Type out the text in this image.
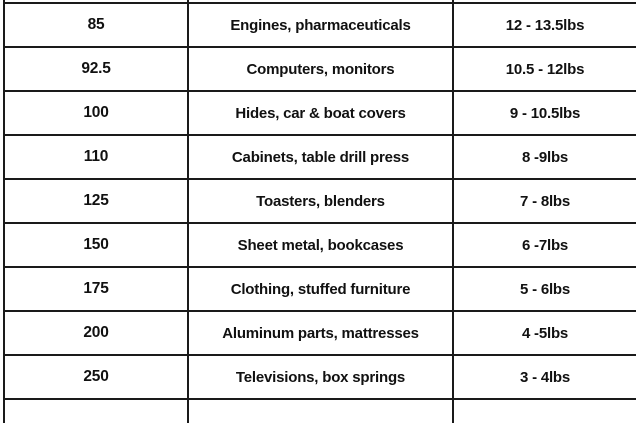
85	Engines, pharmaceuticals	12 - 13.5lbs
92.5	Computers, monitors	10.5 - 12lbs
100	Hides, car & boat covers	9 - 10.5lbs
110	Cabinets, table drill press	8 -9lbs
125	Toasters, blenders	7 - 8lbs
150	Sheet metal, bookcases	6 -7lbs
175	Clothing, stuffed furniture	5 - 6lbs
200	Aluminum parts, mattresses	4 -5lbs
250	Televisions, box springs	3 - 4lbs
